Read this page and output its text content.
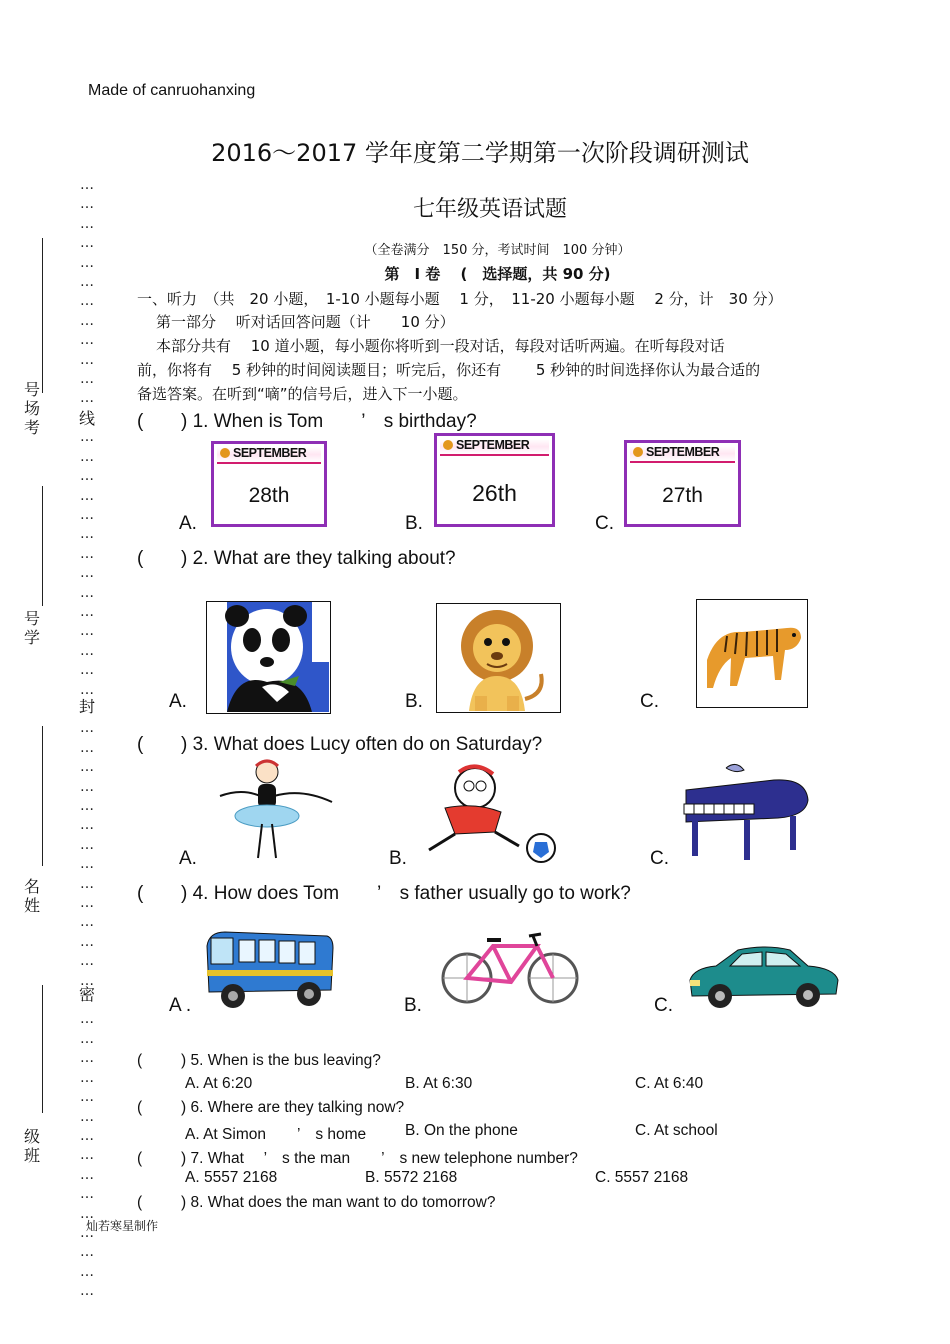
…
…
…
…
…
…
…
…
…
…
…
…

…
…
…
…
…
…
…
…
…
…
…
…
…
…

…
…
…
…
…
…
…
…
…
…
…
…
…
…

…
…
…
…
…
…
…
…
…
…
…
…
…
…
…
号
场
考
号
学
名
姓
级
班
线
封
密
Made of canruohanxing
2016～2017 学年度第二学期第一次阶段调研测试
七年级英语试题
（全卷满分　150 分，考试时间　100 分钟）
第　I 卷　 (　选择题，共 90 分)
一、听力　（共　20 小题，　1-10 小题每小题　 1 分，　11-20 小题每小题　 2 分，计　30 分）
第一部分　 听对话回答问题（计　　10 分）
本部分共有　 10 道小题，每小题你将听到一段对话，每段对话听两遍。在听每段对话
前，你将有　 5 秒钟的时间阅读题目；听完后，你还有　　 5 秒钟的时间选择你认为最合适的
备选答案。在听到“嘀”的信号后，进入下一小题。
( ) 1. When is Tom　　’　s birthday?
SEPTEMBER
28th
SEPTEMBER
26th
SEPTEMBER
27th
A.	B.	C.
( ) 2. What are they talking about?
A.	B.	C.
( ) 3. What does Lucy often do on Saturday?
A.	B.	C.
( ) 4. How does Tom　　’　s father usually go to work?
A .	B.	C.
(	) 5. When is the bus leaving?
A. At 6:20	B. At 6:30	C. At 6:40
(	) 6. Where are they talking now?
A. At Simon　　’　s home	B. On the phone	C. At school
(	) 7. What　 ’　s the man　　’　s new telephone number?
A. 5557 2168	B. 5572 2168	C. 5557 2168
(	) 8. What does the man want to do tomorrow?
灿若寒星制作
